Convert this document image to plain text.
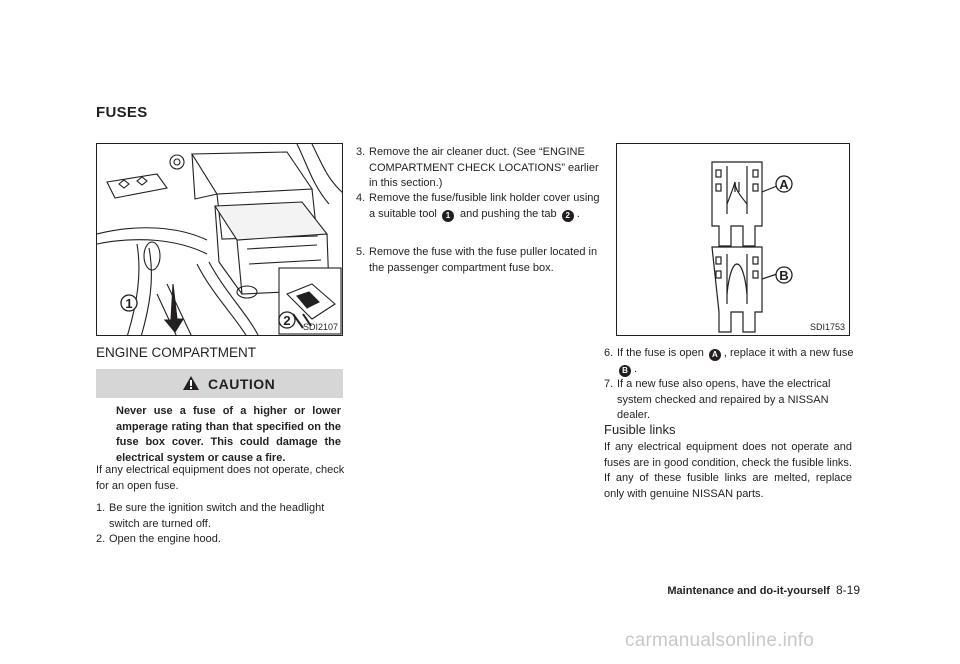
FUSES
1
2 SDI2107
ENGINE COMPARTMENT
CAUTION
Never use a fuse of a higher or lower amperage rating than that specified on the fuse box cover. This could damage the electrical system or cause a fire.
If any electrical equipment does not operate, check for an open fuse.
1. Be sure the ignition switch and the headlight switch are turned off.
2. Open the engine hood.
3. Remove the air cleaner duct. (See “ENGINE COMPARTMENT CHECK LOCATIONS” earlier in this section.)
4. Remove the fuse/fusible link holder cover using a suitable tool 1 and pushing the tab 2 .
5. Remove the fuse with the fuse puller located in the passenger compartment fuse box.
A
B
SDI1753
6. If the fuse is open A , replace it with a new fuse B .
7. If a new fuse also opens, have the electrical system checked and repaired by a NISSAN dealer.
Fusible links
If any electrical equipment does not operate and fuses are in good condition, check the fusible links. If any of these fusible links are melted, replace only with genuine NISSAN parts.
Maintenance and do-it-yourself 8-19
carmanualsonline.info
